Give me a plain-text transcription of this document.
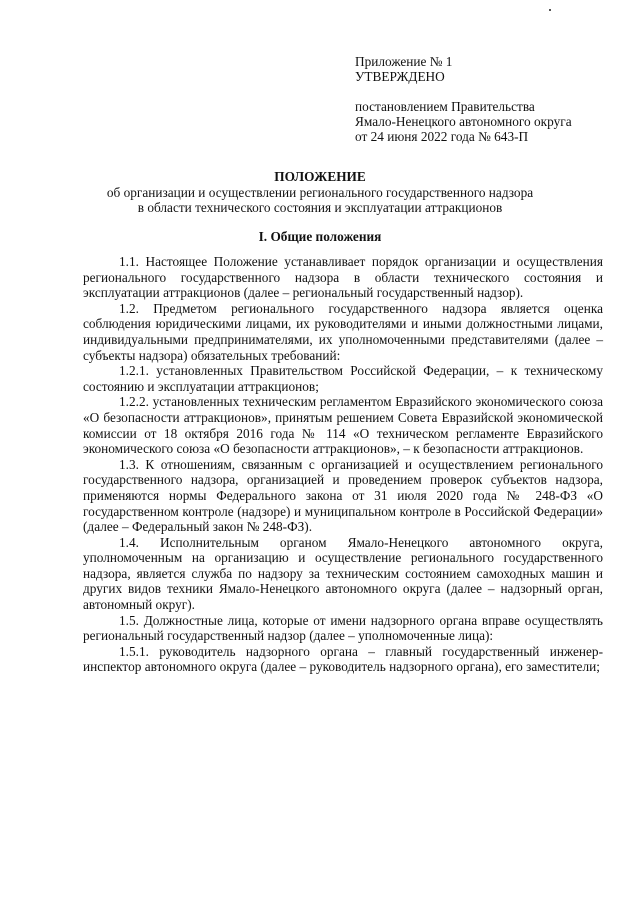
Приложение № 1
УТВЕРЖДЕНО
постановлением Правительства
Ямало-Ненецкого автономного округа
от 24 июня 2022 года № 643-П
ПОЛОЖЕНИЕ
об организации и осуществлении регионального государственного надзора
в области технического состояния и эксплуатации аттракционов
I. Общие положения

1.1. Настоящее Положение устанавливает порядок организации и осуществления регионального государственного надзора в области технического состояния и эксплуатации аттракционов (далее – региональный государственный надзор).

1.2. Предметом регионального государственного надзора является оценка соблюдения юридическими лицами, их руководителями и иными должностными лицами, индивидуальными предпринимателями, их уполномоченными представителями (далее – субъекты надзора) обязательных требований:

1.2.1. установленных Правительством Российской Федерации, – к техническому состоянию и эксплуатации аттракционов;

1.2.2. установленных техническим регламентом Евразийского экономического союза «О безопасности аттракционов», принятым решением Совета Евразийской экономической комиссии от 18 октября 2016 года № 114 «О техническом регламенте Евразийского экономического союза «О безопасности аттракционов», – к безопасности аттракционов.

1.3. К отношениям, связанным с организацией и осуществлением регионального государственного надзора, организацией и проведением проверок субъектов надзора, применяются нормы Федерального закона от 31 июля 2020 года № 248-ФЗ «О государственном контроле (надзоре) и муниципальном контроле в Российской Федерации» (далее – Федеральный закон № 248-ФЗ).

1.4. Исполнительным органом Ямало-Ненецкого автономного округа, уполномоченным на организацию и осуществление регионального государственного надзора, является служба по надзору за техническим состоянием самоходных машин и других видов техники Ямало-Ненецкого автономного округа (далее – надзорный орган, автономный округ).

1.5. Должностные лица, которые от имени надзорного органа вправе осуществлять региональный государственный надзор (далее – уполномоченные лица):

1.5.1. руководитель надзорного органа – главный государственный инженер-инспектор автономного округа (далее – руководитель надзорного органа), его заместители;
